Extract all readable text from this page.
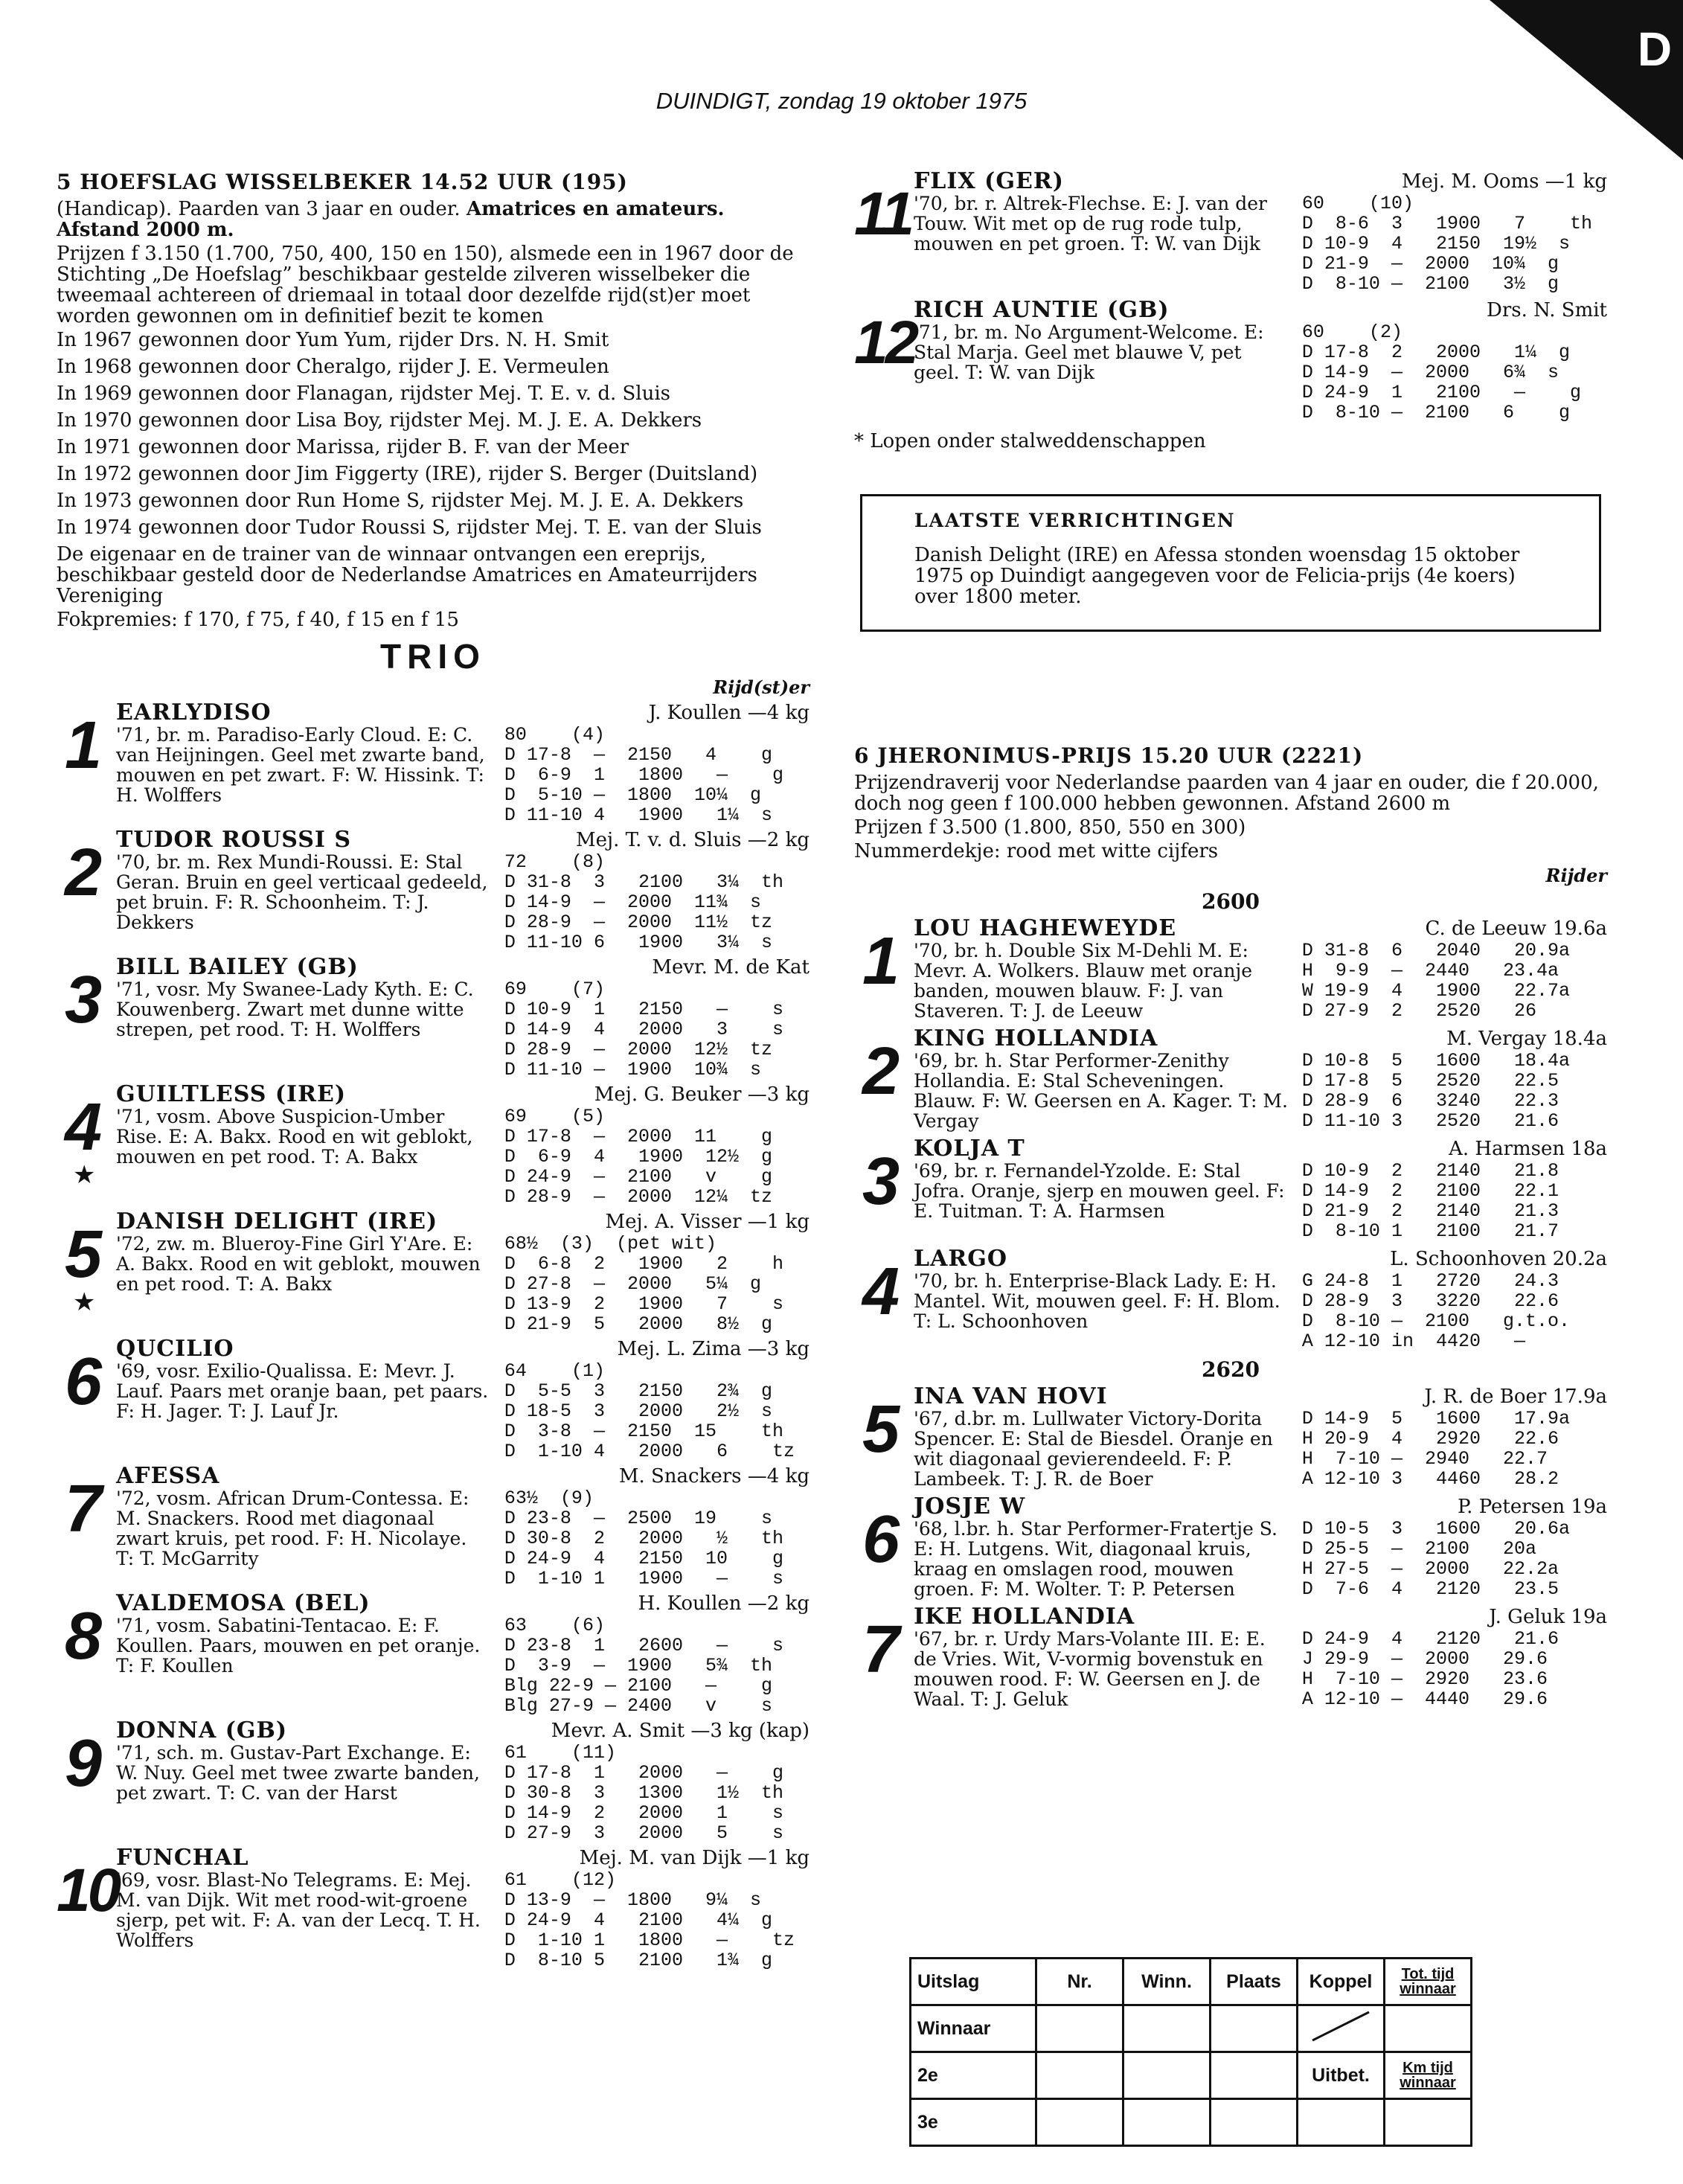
D
DUINDIGT, zondag 19 oktober 1975
5 HOEFSLAG WISSELBEKER 14.52 UUR (195)
(Handicap). Paarden van 3 jaar en ouder. Amatrices en amateurs. Afstand 2000 m.
Prijzen f 3.150 (1.700, 750, 400, 150 en 150), alsmede een in 1967 door de Stichting „De Hoefslag” beschikbaar gestelde zilveren wisselbeker die tweemaal achtereen of driemaal in totaal door dezelfde rijd(st)er moet worden gewonnen om in definitief bezit te komen
In 1967 gewonnen door Yum Yum, rijder Drs. N. H. Smit
In 1968 gewonnen door Cheralgo, rijder J. E. Vermeulen
In 1969 gewonnen door Flanagan, rijdster Mej. T. E. v. d. Sluis
In 1970 gewonnen door Lisa Boy, rijdster Mej. M. J. E. A. Dekkers
In 1971 gewonnen door Marissa, rijder B. F. van der Meer
In 1972 gewonnen door Jim Figgerty (IRE), rijder S. Berger (Duitsland)
In 1973 gewonnen door Run Home S, rijdster Mej. M. J. E. A. Dekkers
In 1974 gewonnen door Tudor Roussi S, rijdster Mej. T. E. van der Sluis
De eigenaar en de trainer van de winnaar ontvangen een ereprijs, beschikbaar gesteld door de Nederlandse Amatrices en Amateurrijders Vereniging
Fokpremies: f 170, f 75, f 40, f 15 en f 15
TRIO
Rijd(st)er
1 EARLYDISO	J. Koullen —4 kg
'71, br. m. Paradiso-Early Cloud. E: C. van Heijningen. Geel met zwarte band, mouwen en pet zwart. F: W. Hissink. T: H. Wolffers
80    (4)
D 17-8  —  2150   4    g
D  6-9  1   1800   —    g
D  5-10 —  1800  10¼  g
D 11-10 4   1900   1¼  s
2 TUDOR ROUSSI S	Mej. T. v. d. Sluis —2 kg
'70, br. m. Rex Mundi-Roussi. E: Stal Geran. Bruin en geel verticaal gedeeld, pet bruin. F: R. Schoonheim. T: J. Dekkers
72    (8)
D 31-8  3   2100   3¼  th
D 14-9  —  2000  11¾  s
D 28-9  —  2000  11½  tz
D 11-10 6   1900   3¼  s
3 BILL BAILEY (GB)	Mevr. M. de Kat
'71, vosr. My Swanee-Lady Kyth. E: C. Kouwenberg. Zwart met dunne witte strepen, pet rood. T: H. Wolffers
69    (7)
D 10-9  1   2150   —    s
D 14-9  4   2000   3    s
D 28-9  —  2000  12½  tz
D 11-10 —  1900  10¾  s
4
★
GUILTLESS (IRE)	Mej. G. Beuker —3 kg
'71, vosm. Above Suspicion-Umber Rise. E: A. Bakx. Rood en wit geblokt, mouwen en pet rood. T: A. Bakx
69    (5)
D 17-8  —  2000  11    g
D  6-9  4   1900  12½  g
D 24-9  —  2100   v    g
D 28-9  —  2000  12¼  tz
5
★
DANISH DELIGHT (IRE)	Mej. A. Visser —1 kg
'72, zw. m. Blueroy-Fine Girl Y'Are. E: A. Bakx. Rood en wit geblokt, mouwen en pet rood. T: A. Bakx
68½  (3)  (pet wit)
D  6-8  2   1900   2    h
D 27-8  —  2000   5¼  g
D 13-9  2   1900   7    s
D 21-9  5   2000   8½  g
6 QUCILIO	Mej. L. Zima —3 kg
'69, vosr. Exilio-Qualissa. E: Mevr. J. Lauf. Paars met oranje baan, pet paars. F: H. Jager. T: J. Lauf Jr.
64    (1)
D  5-5  3   2150   2¾  g
D 18-5  3   2000   2½  s
D  3-8  —  2150  15    th
D  1-10 4   2000   6    tz
7 AFESSA	M. Snackers —4 kg
'72, vosm. African Drum-Contessa. E: M. Snackers. Rood met diagonaal zwart kruis, pet rood. F: H. Nicolaye. T: T. McGarrity
63½  (9)
D 23-8  —  2500  19    s
D 30-8  2   2000   ½   th
D 24-9  4   2150  10    g
D  1-10 1   1900   —    s
8 VALDEMOSA (BEL)	H. Koullen —2 kg
'71, vosm. Sabatini-Tentacao. E: F. Koullen. Paars, mouwen en pet oranje. T: F. Koullen
63    (6)
D 23-8  1   2600   —    s
D  3-9  —  1900   5¾  th
Blg 22-9 — 2100   —    g
Blg 27-9 — 2400   v    s
9 DONNA (GB)	Mevr. A. Smit —3 kg (kap)
'71, sch. m. Gustav-Part Exchange. E: W. Nuy. Geel met twee zwarte banden, pet zwart. T: C. van der Harst
61    (11)
D 17-8  1   2000   —    g
D 30-8  3   1300   1½  th
D 14-9  2   2000   1    s
D 27-9  3   2000   5    s
10
FUNCHAL	Mej. M. van Dijk —1 kg
'69, vosr. Blast-No Telegrams. E: Mej. M. van Dijk. Wit met rood-wit-groene sjerp, pet wit. F: A. van der Lecq. T. H. Wolffers
61    (12)
D 13-9  —  1800   9¼  s
D 24-9  4   2100   4¼  g
D  1-10 1   1800   —    tz
D  8-10 5   2100   1¾  g
11 FLIX (GER)	Mej. M. Ooms —1 kg
'70, br. r. Altrek-Flechse. E: J. van der Touw. Wit met op de rug rode tulp, mouwen en pet groen. T: W. van Dijk
60    (10)
D  8-6  3   1900   7    th
D 10-9  4   2150  19½  s
D 21-9  —  2000  10¾  g
D  8-10 —  2100   3½  g
12
RICH AUNTIE (GB)	Drs. N. Smit
'71, br. m. No Argument-Welcome. E: Stal Marja. Geel met blauwe V, pet geel. T: W. van Dijk
60    (2)
D 17-8  2   2000   1¼  g
D 14-9  —  2000   6¾  s
D 24-9  1   2100   —    g
D  8-10 —  2100   6    g
* Lopen onder stalweddenschappen
LAATSTE VERRICHTINGEN
Danish Delight (IRE) en Afessa stonden woensdag 15 oktober 1975 op Duindigt aangegeven voor de Felicia-prijs (4e koers) over 1800 meter.
6 JHERONIMUS-PRIJS 15.20 UUR (2221)
Prijzendraverij voor Nederlandse paarden van 4 jaar en ouder, die f 20.000, doch nog geen f 100.000 hebben gewonnen. Afstand 2600 m
Prijzen f 3.500 (1.800, 850, 550 en 300)
Nummerdekje: rood met witte cijfers
Rijder
2600
1 LOU HAGHEWEYDE	C. de Leeuw 19.6a
'70, br. h. Double Six M-Dehli M. E: Mevr. A. Wolkers. Blauw met oranje banden, mouwen blauw. F: J. van Staveren. T: J. de Leeuw
D 31-8  6   2040   20.9a
H  9-9  —  2440   23.4a
W 19-9  4   1900   22.7a
D 27-9  2   2520   26
2 KING HOLLANDIA	M. Vergay 18.4a
'69, br. h. Star Performer-Zenithy Hollandia. E: Stal Scheveningen. Blauw. F: W. Geersen en A. Kager. T: M. Vergay
D 10-8  5   1600   18.4a
D 17-8  5   2520   22.5
D 28-9  6   3240   22.3
D 11-10 3   2520   21.6
3 KOLJA T	A. Harmsen 18a
'69, br. r. Fernandel-Yzolde. E: Stal Jofra. Oranje, sjerp en mouwen geel. F: E. Tuitman. T: A. Harmsen
D 10-9  2   2140   21.8
D 14-9  2   2100   22.1
D 21-9  2   2140   21.3
D  8-10 1   2100   21.7
4 LARGO	L. Schoonhoven 20.2a
'70, br. h. Enterprise-Black Lady. E: H. Mantel. Wit, mouwen geel. F: H. Blom. T: L. Schoonhoven
G 24-8  1   2720   24.3
D 28-9  3   3220   22.6
D  8-10 —  2100   g.t.o.
A 12-10 in  4420   —
2620
5 INA VAN HOVI	J. R. de Boer 17.9a
'67, d.br. m. Lullwater Victory-Dorita Spencer. E: Stal de Biesdel. Oranje en wit diagonaal gevierendeeld. F: P. Lambeek. T: J. R. de Boer
D 14-9  5   1600   17.9a
H 20-9  4   2920   22.6
H  7-10 —  2940   22.7
A 12-10 3   4460   28.2
6 JOSJE W	P. Petersen 19a
'68, l.br. h. Star Performer-Fratertje S. E: H. Lutgens. Wit, diagonaal kruis, kraag en omslagen rood, mouwen groen. F: M. Wolter. T: P. Petersen
D 10-5  3   1600   20.6a
D 25-5  —  2100   20a
H 27-5  —  2000   22.2a
D  7-6  4   2120   23.5
7 IKE HOLLANDIA	J. Geluk 19a
'67, br. r. Urdy Mars-Volante III. E: E. de Vries. Wit, V-vormig bovenstuk en mouwen rood. F: W. Geersen en J. de Waal. T: J. Geluk
D 24-9  4   2120   21.6
J 29-9  —  2000   29.6
H  7-10 —  2920   23.6
A 12-10 —  4440   29.6
Uitslag	Nr.	Winn.	Plaats	Koppel	Tot. tijd winnaar
Winnaar					
2e				Uitbet.	Km tijd winnaar
3e					
